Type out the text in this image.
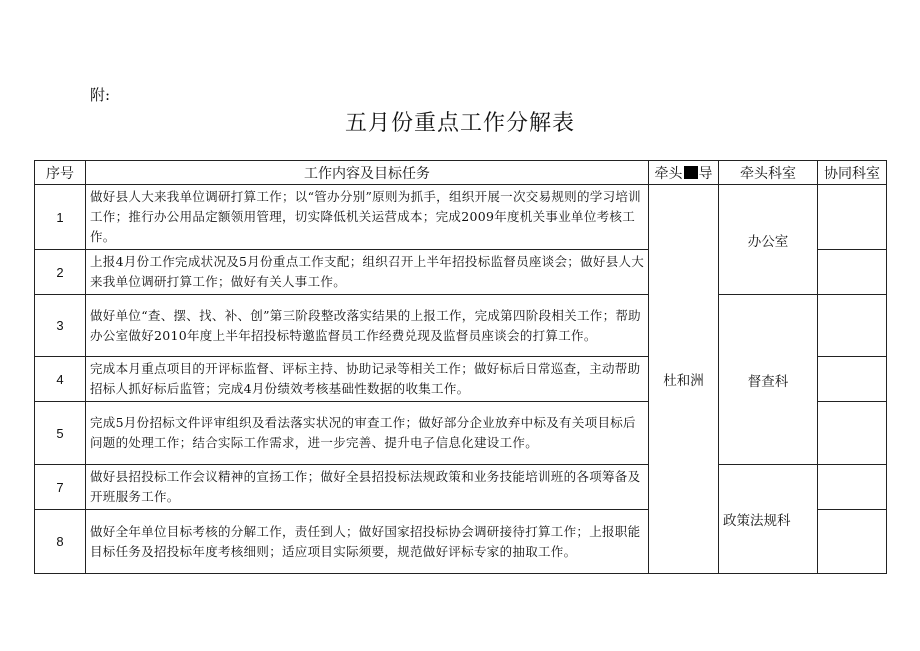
附:
五月份重点工作分解表
序号	工作内容及目标任务	牵头 导	牵头科室	协同科室
1	做好县人大来我单位调研打算工作；以“管办分别”原则为抓手，组织开展一次交易规则的学习培训工作；推行办公用品定额领用管理，切实降低机关运营成本；完成2009年度机关事业单位考核工作。	杜和洲	办公室	
2	上报4月份工作完成状况及5月份重点工作支配；组织召开上半年招投标监督员座谈会；做好县人大来我单位调研打算工作；做好有关人事工作。			
3	做好单位“查、摆、找、补、创”第三阶段整改落实结果的上报工作，完成第四阶段相关工作；帮助办公室做好2010年度上半年招投标特邀监督员工作经费兑现及监督员座谈会的打算工作。		督查科	
4	完成本月重点项目的开评标监督、评标主持、协助记录等相关工作；做好标后日常巡查，主动帮助招标人抓好标后监管；完成4月份绩效考核基础性数据的收集工作。			
5	完成5月份招标文件评审组织及看法落实状况的审查工作；做好部分企业放弃中标及有关项目标后问题的处理工作；结合实际工作需求，进一步完善、提升电子信息化建设工作。			
7	做好县招投标工作会议精神的宣扬工作；做好全县招投标法规政策和业务技能培训班的各项筹备及开班服务工作。		政策法规科	
8	做好全年单位目标考核的分解工作，责任到人；做好国家招投标协会调研接待打算工作；上报职能目标任务及招投标年度考核细则；适应项目实际须要，规范做好评标专家的抽取工作。			
